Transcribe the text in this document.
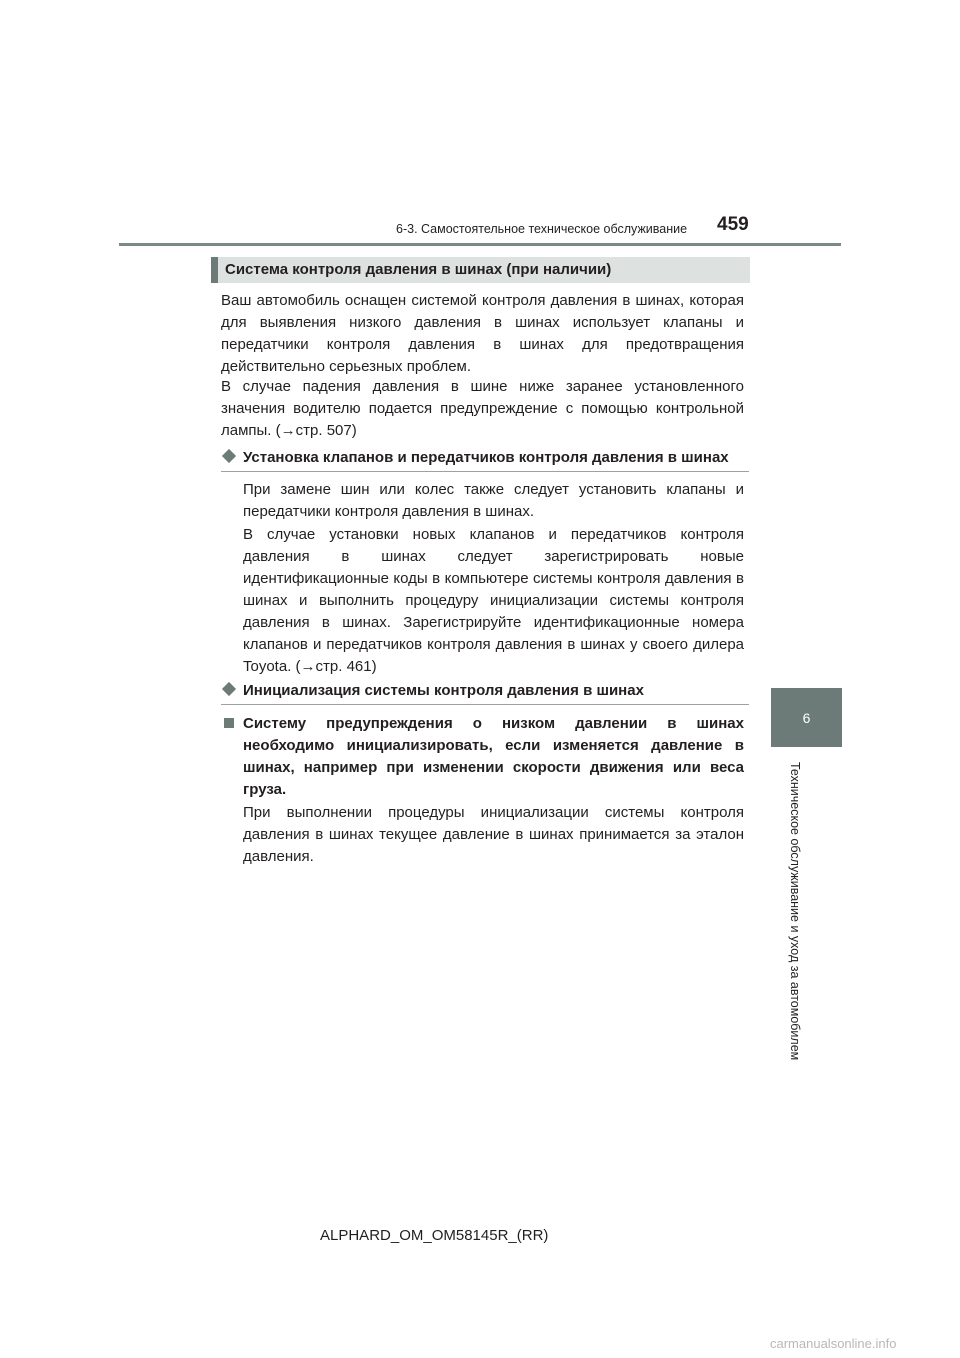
6-3. Самостоятельное техническое обслуживание	459
6
Техническое обслуживание и уход за автомобилем
Система контроля давления в шинах (при наличии)
Ваш автомобиль оснащен системой контроля давления в шинах, которая для выявления низкого давления в шинах использует клапаны и передатчики контроля давления в шинах для предотвращения действительно серьезных проблем.
В случае падения давления в шине ниже заранее установленного значения водителю подается предупреждение с помощью контрольной лампы. (→стр. 507)
Установка клапанов и передатчиков контроля давления в шинах
При замене шин или колес также следует установить клапаны и передатчики контроля давления в шинах.
В случае установки новых клапанов и передатчиков контроля давления в шинах следует зарегистрировать новые идентификационные коды в компьютере системы контроля давления в шинах и выполнить процедуру инициализации системы контроля давления в шинах. Зарегистрируйте идентификационные номера клапанов и передатчиков контроля давления в шинах у своего дилера Toyota. (→стр. 461)
Инициализация системы контроля давления в шинах
Систему предупреждения о низком давлении в шинах необходимо инициализировать, если изменяется давление в шинах, например при изменении скорости движения или веса груза.
При выполнении процедуры инициализации системы контроля давления в шинах текущее давление в шинах принимается за эталон давления.
ALPHARD_OM_OM58145R_(RR)
carmanualsonline.info
